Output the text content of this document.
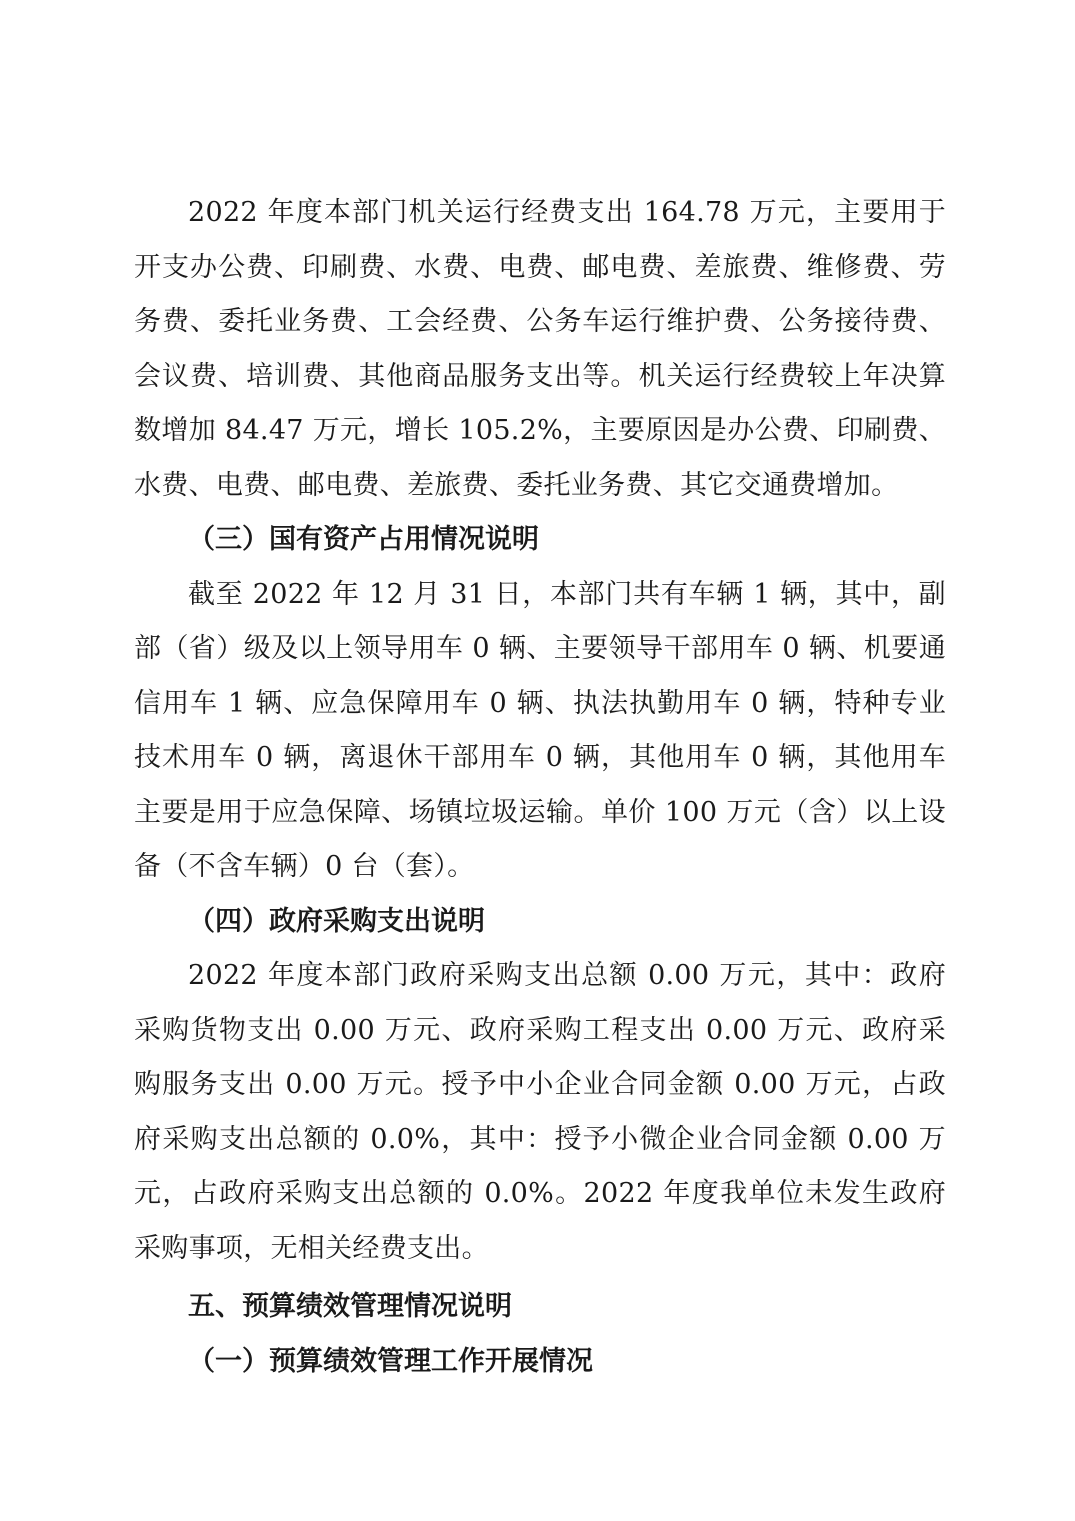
2022 年度本部门机关运行经费支出 164.78 万元，主要用于开支办公费、印刷费、水费、电费、邮电费、差旅费、维修费、劳务费、委托业务费、工会经费、公务车运行维护费、公务接待费、会议费、培训费、其他商品服务支出等。机关运行经费较上年决算数增加 84.47 万元，增长 105.2%，主要原因是办公费、印刷费、水费、电费、邮电费、差旅费、委托业务费、其它交通费增加。

（三）国有资产占用情况说明

截至 2022 年 12 月 31 日，本部门共有车辆 1 辆，其中，副部（省）级及以上领导用车 0 辆、主要领导干部用车 0 辆、机要通信用车 1 辆、应急保障用车 0 辆、执法执勤用车 0 辆，特种专业技术用车 0 辆，离退休干部用车 0 辆，其他用车 0 辆，其他用车主要是用于应急保障、场镇垃圾运输。单价 100 万元（含）以上设备（不含车辆）0 台（套）。

（四）政府采购支出说明

2022 年度本部门政府采购支出总额 0.00 万元，其中：政府采购货物支出 0.00 万元、政府采购工程支出 0.00 万元、政府采购服务支出 0.00 万元。授予中小企业合同金额 0.00 万元，占政府采购支出总额的 0.0%，其中：授予小微企业合同金额 0.00 万元，占政府采购支出总额的 0.0%。2022 年度我单位未发生政府采购事项，无相关经费支出。

五、预算绩效管理情况说明

（一）预算绩效管理工作开展情况
